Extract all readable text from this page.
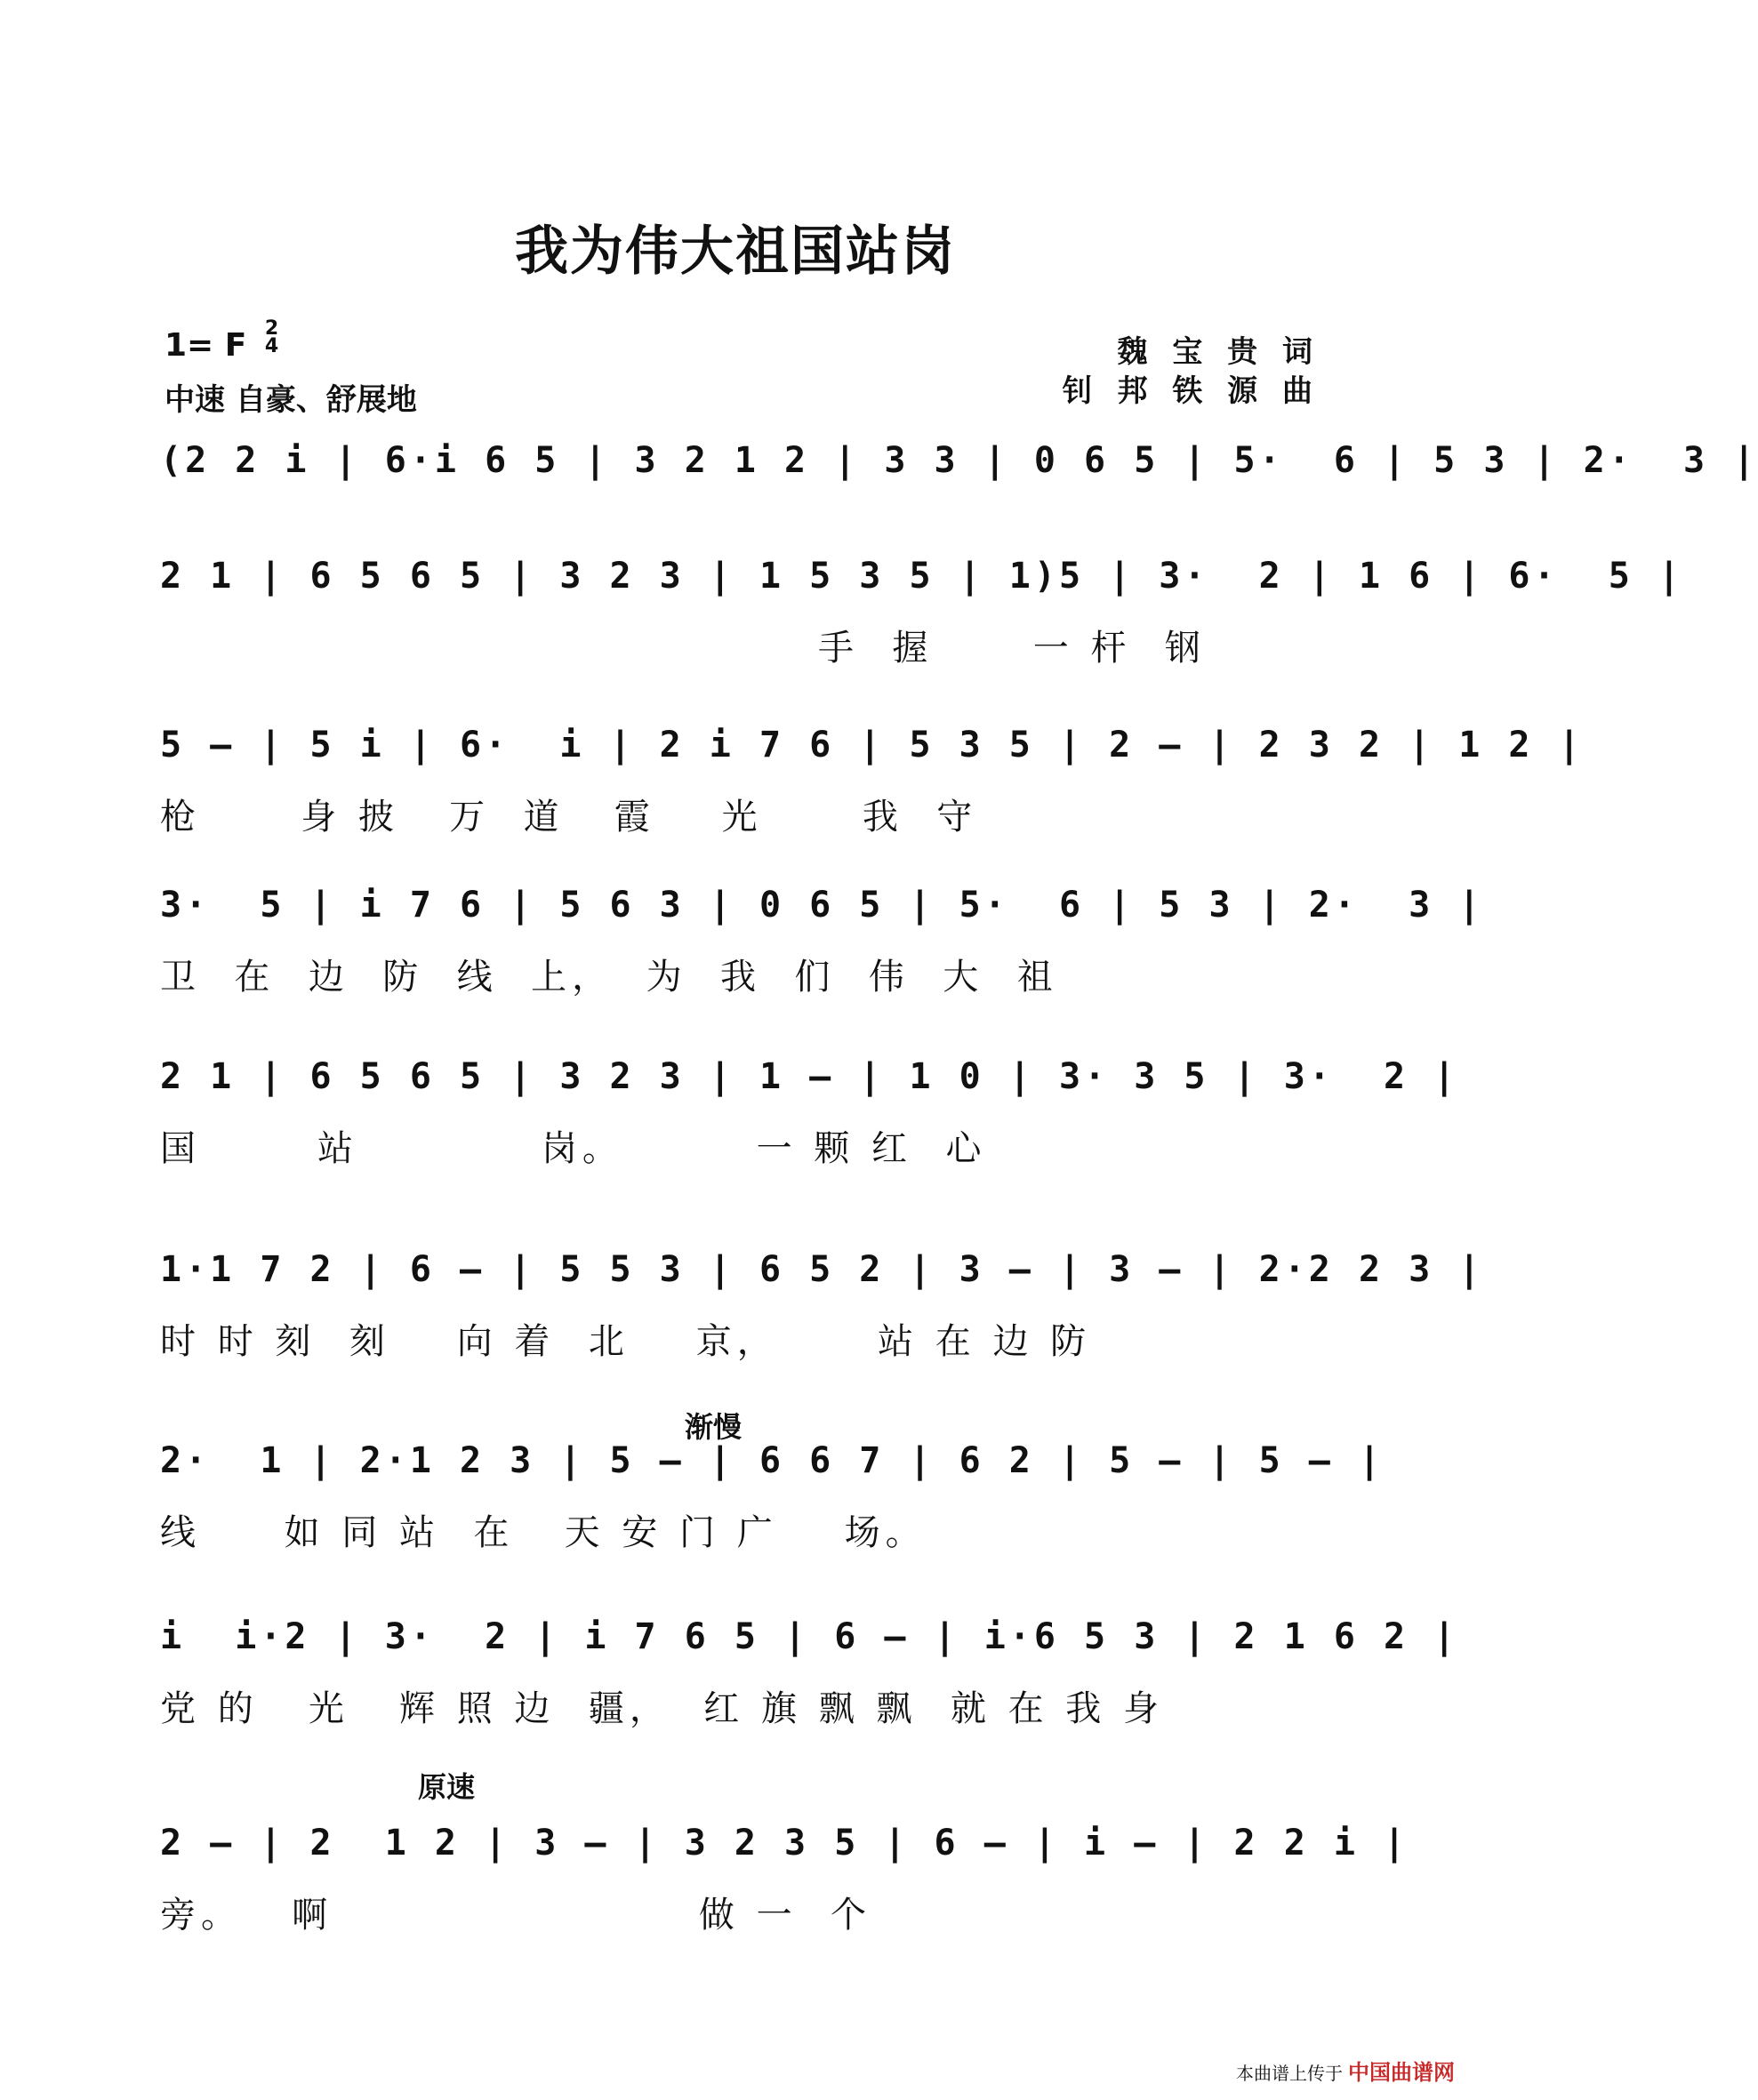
我为伟大祖国站岗
1= F 2
4
中速 自豪、舒展地
魏 宝 贵 词
钊 邦 铁 源 曲
(2 2 i | 6·i 6 5 | 3 2 1 2 | 3 3 | 0 6 5 | 5·  6 | 5 3 | 2·  3 |
2 1 | 6 5 6 5 | 3 2 3 | 1 5 3 5 | 1)5 | 3·  2 | 1 6 | 6·  5 |
手  握      一 杆  钢
5 — | 5 i | 6·  i | 2 i 7 6 | 5 3 5 | 2 — | 2 3 2 | 1 2 |
枪      身 披   万  道   霞    光      我  守
3·  5 | i 7 6 | 5 6 3 | 0 6 5 | 5·  6 | 5 3 | 2·  3 |
卫  在  边  防  线  上，  为  我  们  伟  大  祖
2 1 | 6 5 6 5 | 3 2 3 | 1 — | 1 0 | 3· 3 5 | 3·  2 |
国       站           岗。        一 颗 红  心
1·1 7 2 | 6 — | 5 5 3 | 6 5 2 | 3 — | 3 — | 2·2 2 3 |
时 时 刻  刻    向 着  北    京，      站 在 边 防
渐慢
2·  1 | 2·1 2 3 | 5 — | 6 6 7 | 6 2 | 5 — | 5 — |
线     如 同 站  在   天 安 门 广    场。
i  i·2 | 3·  2 | i 7 6 5 | 6 — | i·6 5 3 | 2 1 6 2 |
党 的   光   辉 照 边  疆，  红 旗 飘 飘  就 在 我 身
原速
2 — | 2  1 2 | 3 — | 3 2 3 5 | 6 — | i — | 2 2 i |
旁。   啊                      做 一  个
本曲谱上传于 中国曲谱网
